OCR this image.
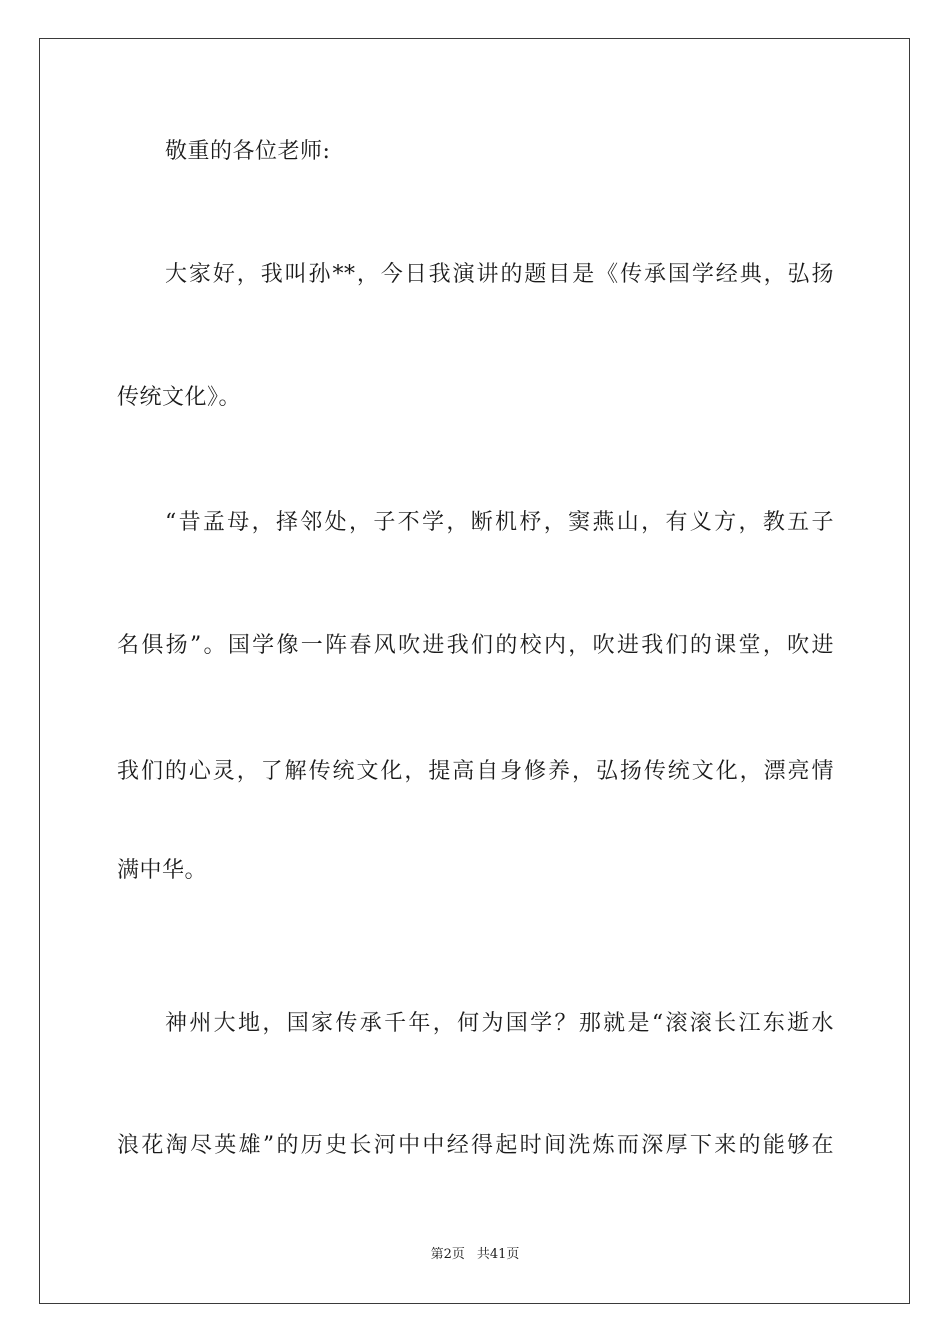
敬重的各位老师:
大家好，我叫孙**，今日我演讲的题目是《传承国学经典，弘扬
传统文化》。
“昔孟母，择邻处，子不学，断机杼，窦燕山，有义方，教五子
名俱扬”。国学像一阵春风吹进我们的校内，吹进我们的课堂，吹进
我们的心灵，了解传统文化，提高自身修养，弘扬传统文化，漂亮情
满中华。
神州大地，国家传承千年，何为国学？那就是“滚滚长江东逝水
浪花淘尽英雄”的历史长河中中经得起时间洗炼而深厚下来的能够在
第2页 共41页
